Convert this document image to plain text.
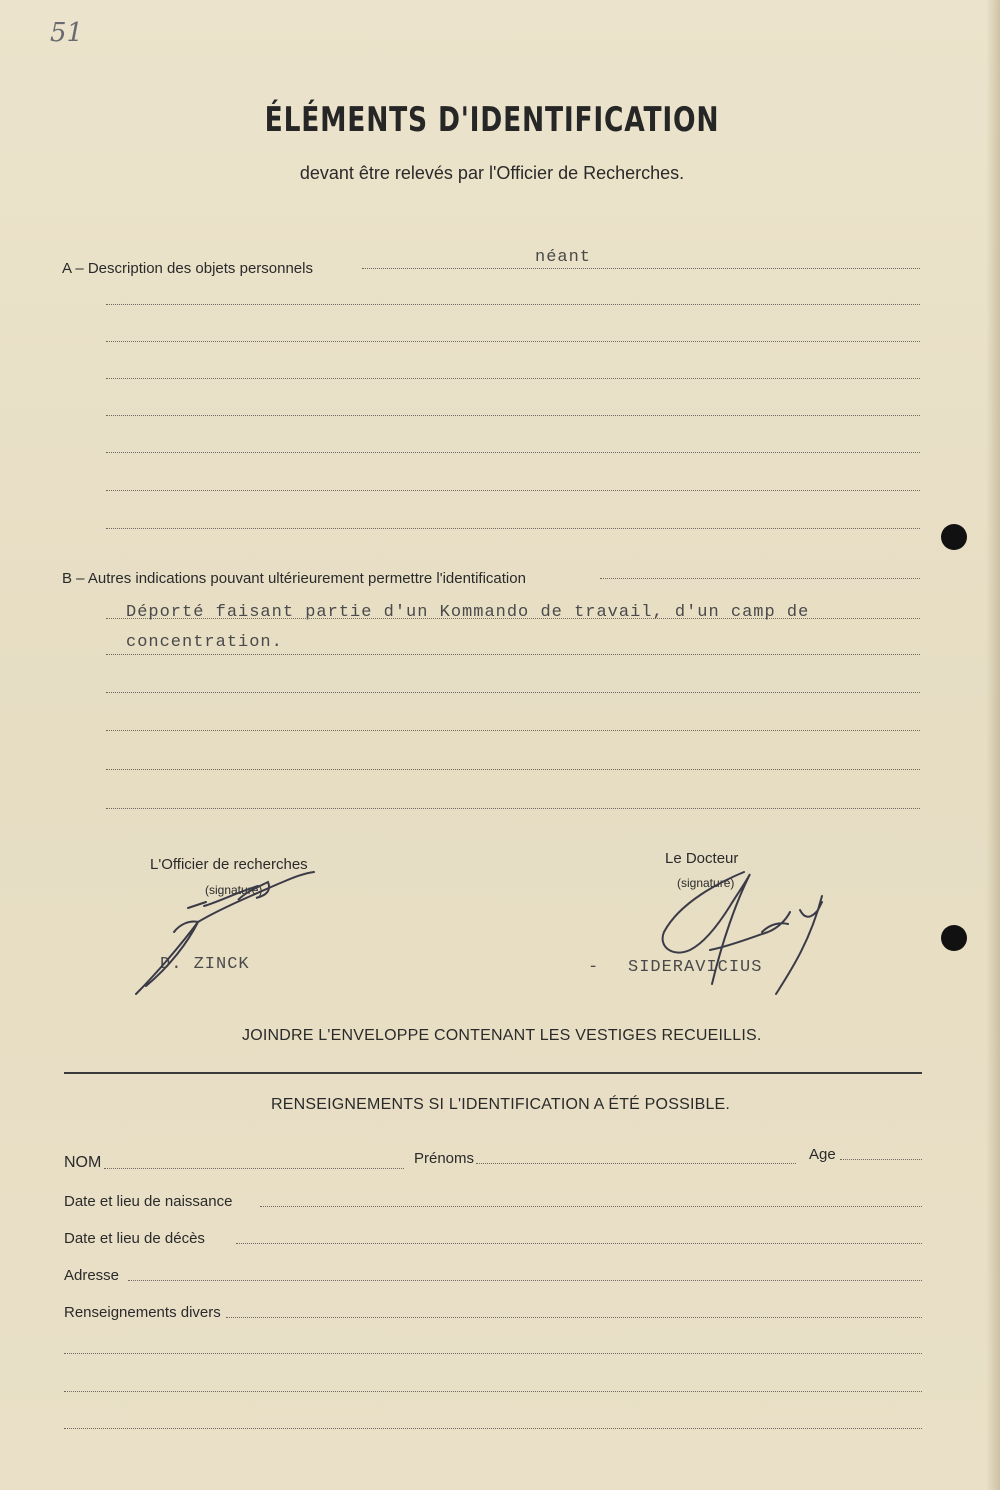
51
ÉLÉMENTS D'IDENTIFICATION
devant être relevés par l'Officier de Recherches.
A – Description des objets personnels
néant
B – Autres indications pouvant ultérieurement permettre l'identification
Déporté faisant partie d'un Kommando de travail, d'un camp de
concentration.
L'Officier de recherches
(signature)
D. ZINCK
Le Docteur
(signature)
- SIDERAVICIUS
JOINDRE L'ENVELOPPE CONTENANT LES VESTIGES RECUEILLIS.
RENSEIGNEMENTS SI L'IDENTIFICATION A ÉTÉ POSSIBLE.
NOM	Prénoms	Age
Date et lieu de naissance
Date et lieu de décès
Adresse
Renseignements divers
